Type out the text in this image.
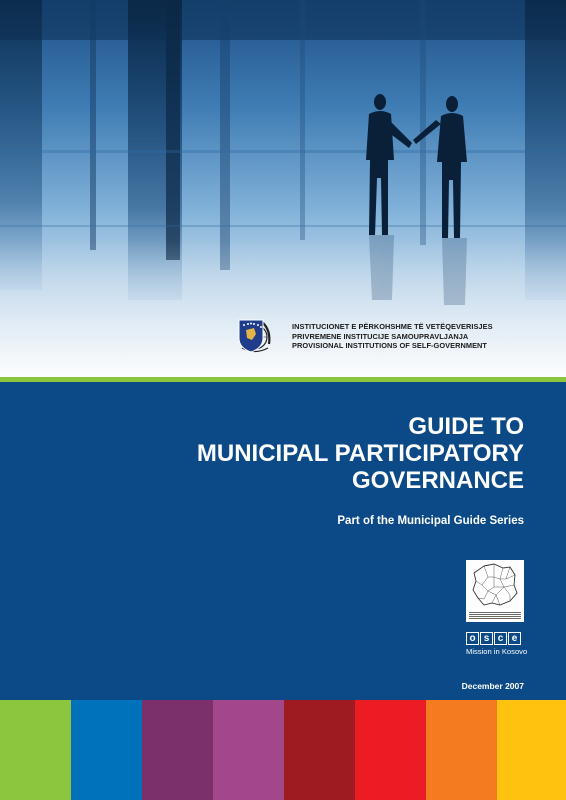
INSTITUCIONET E PËRKOHSHME TË VETËQEVERISJES
PRIVREMENE INSTITUCIJE SAMOUPRAVLJANJA
PROVISIONAL INSTITUTIONS OF SELF-GOVERNMENT
GUIDE TO
MUNICIPAL PARTICIPATORY
GOVERNANCE

Part of the Municipal Guide Series

o s c e
Mission in Kosovo
December 2007
